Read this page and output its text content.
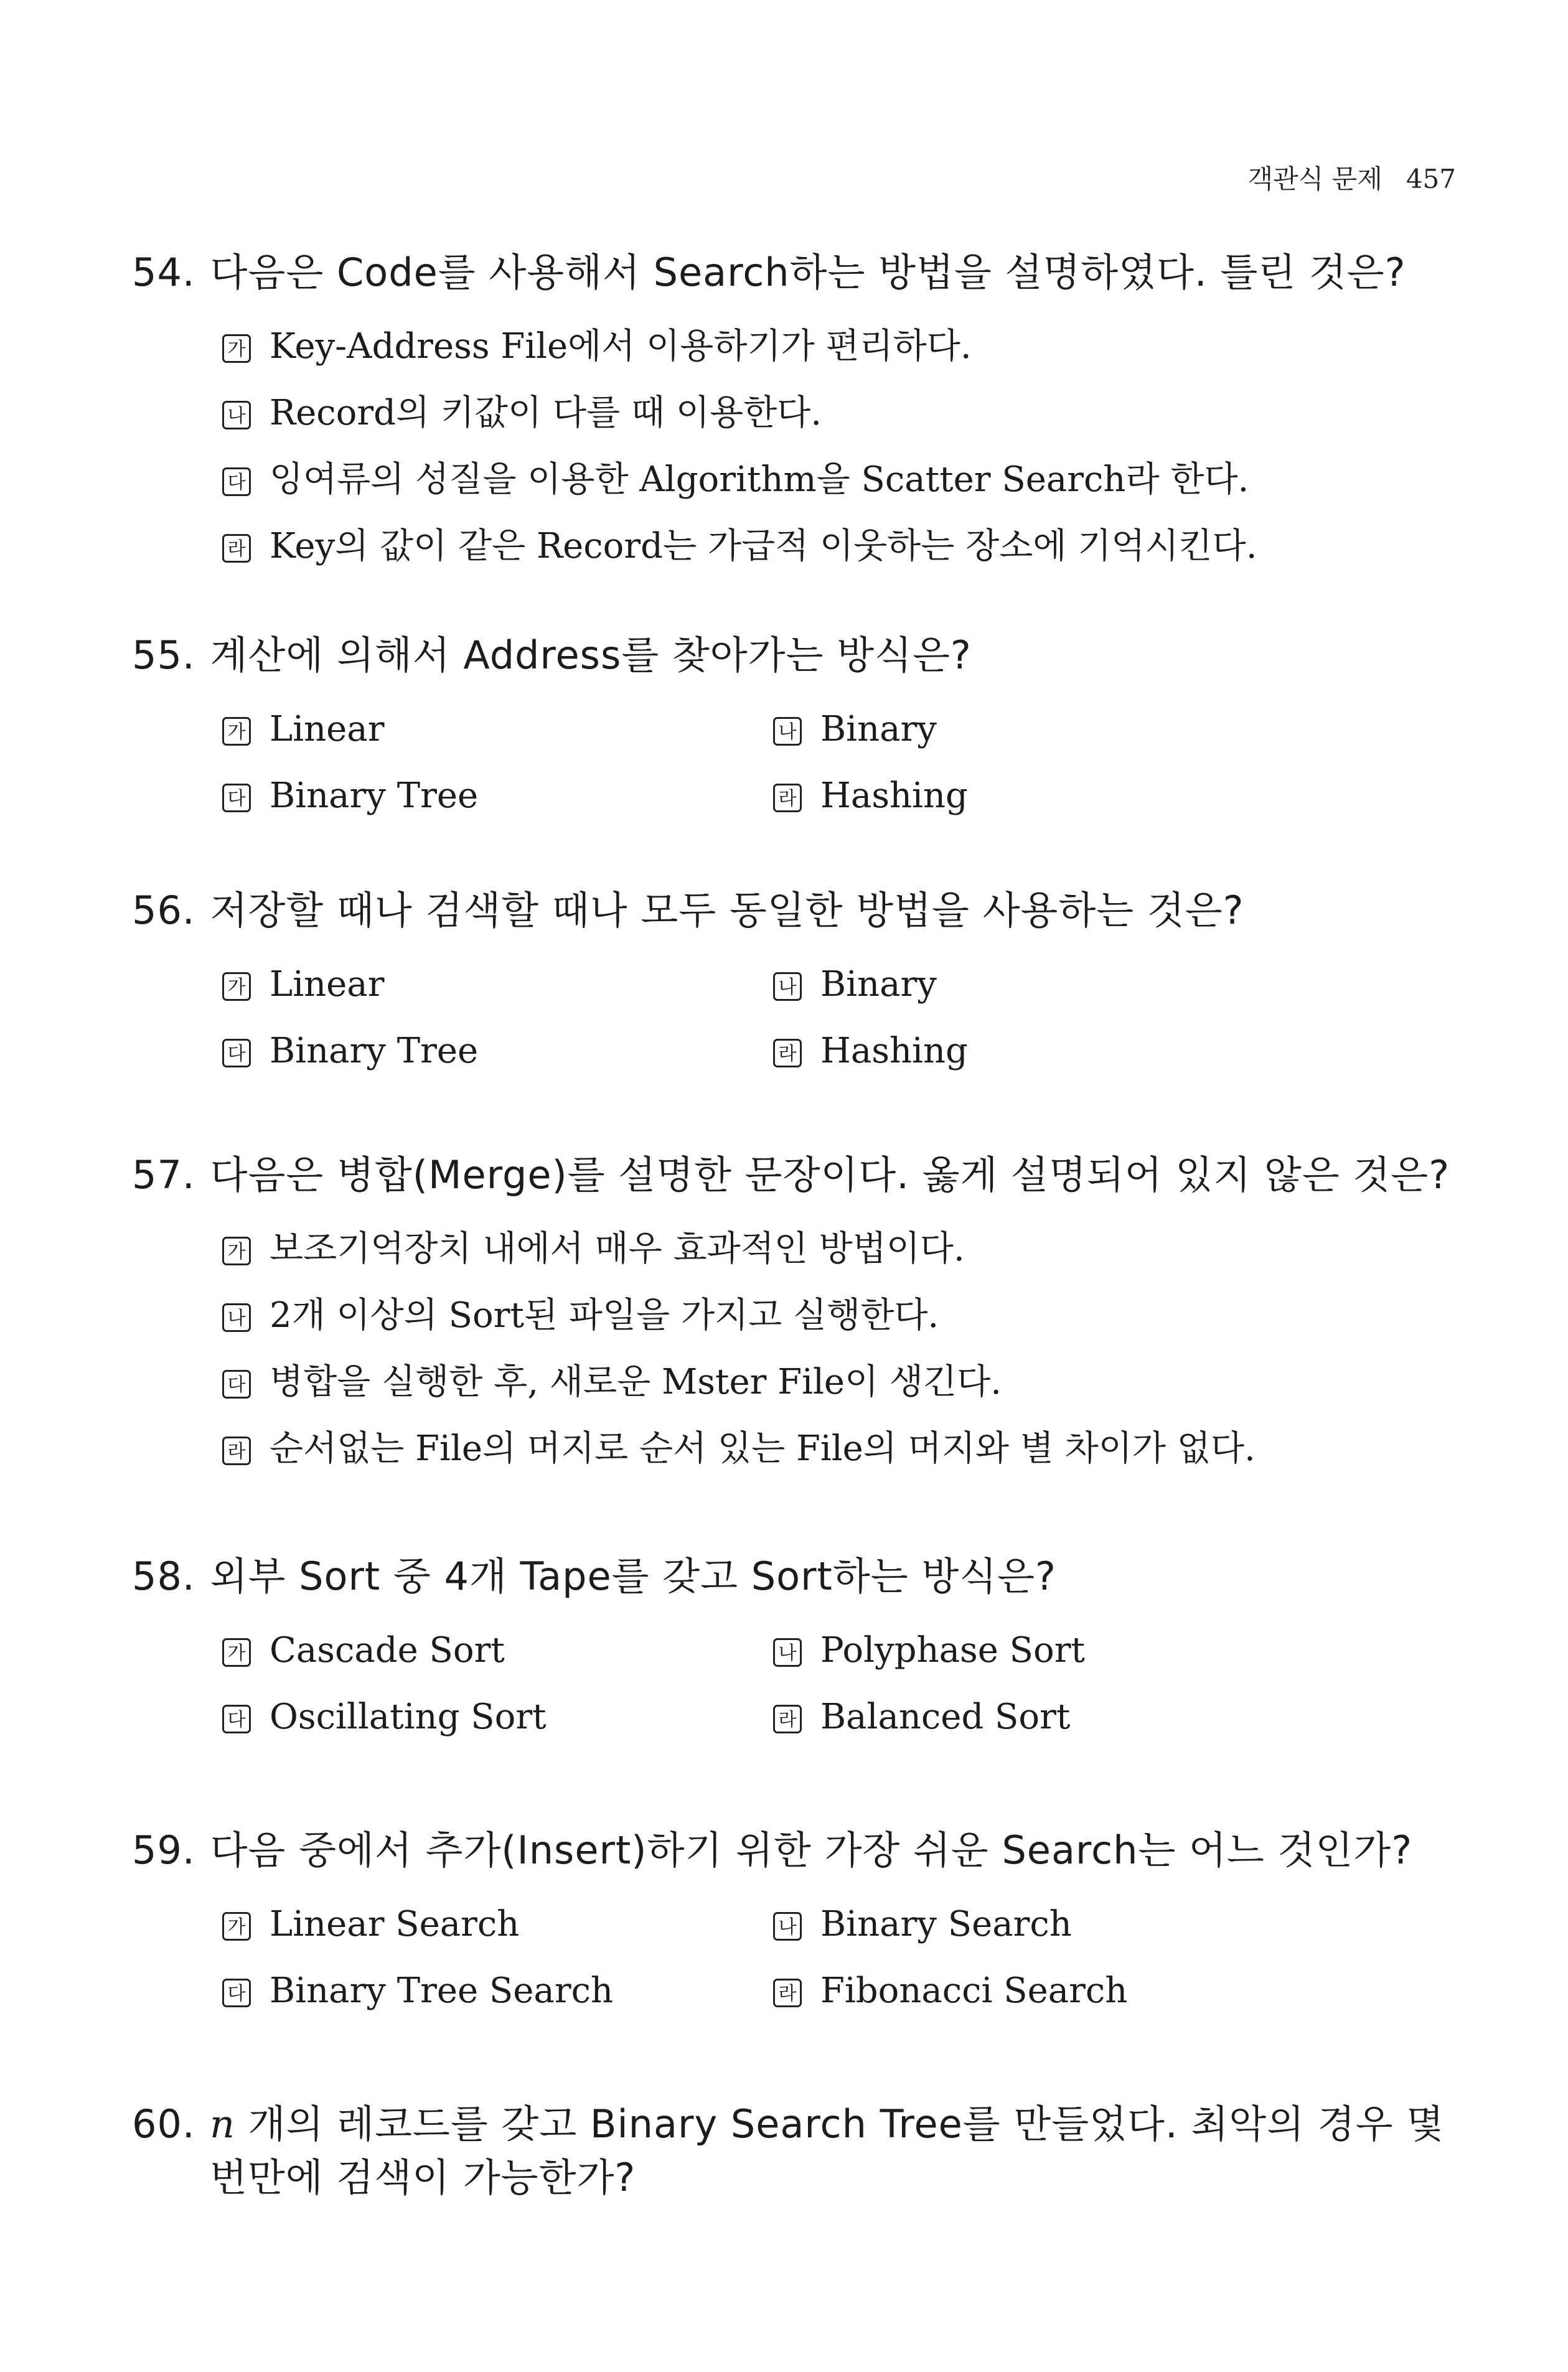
객관식 문제 457
54. 다음은 Code를 사용해서 Search하는 방법을 설명하였다. 틀린 것은?
가 Key-Address File에서 이용하기가 편리하다.
나 Record의 키값이 다를 때 이용한다.
다 잉여류의 성질을 이용한 Algorithm을 Scatter Search라 한다.
라 Key의 값이 같은 Record는 가급적 이웃하는 장소에 기억시킨다.
55. 계산에 의해서 Address를 찾아가는 방식은?
가 Linear	나 Binary
다 Binary Tree	라 Hashing
56. 저장할 때나 검색할 때나 모두 동일한 방법을 사용하는 것은?
가 Linear	나 Binary
다 Binary Tree	라 Hashing
57. 다음은 병합(Merge)를 설명한 문장이다. 옳게 설명되어 있지 않은 것은?
가 보조기억장치 내에서 매우 효과적인 방법이다.
나 2개 이상의 Sort된 파일을 가지고 실행한다.
다 병합을 실행한 후, 새로운 Mster File이 생긴다.
라 순서없는 File의 머지로 순서 있는 File의 머지와 별 차이가 없다.
58. 외부 Sort 중 4개 Tape를 갖고 Sort하는 방식은?
가 Cascade Sort	나 Polyphase Sort
다 Oscillating Sort	라 Balanced Sort
59. 다음 중에서 추가(Insert)하기 위한 가장 쉬운 Search는 어느 것인가?
가 Linear Search	나 Binary Search
다 Binary Tree Search	라 Fibonacci Search
60. n 개의 레코드를 갖고 Binary Search Tree를 만들었다. 최악의 경우 몇 번만에 검색이 가능한가?
